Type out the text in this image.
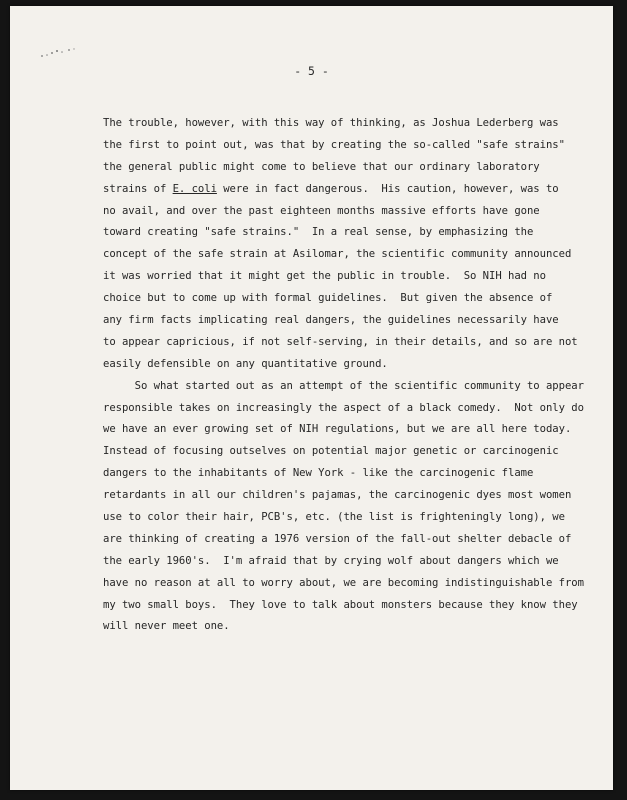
- 5 -
The trouble, however, with this way of thinking, as Joshua Lederberg was
the first to point out, was that by creating the so-called "safe strains"
the general public might come to believe that our ordinary laboratory
strains of E. coli were in fact dangerous.  His caution, however, was to
no avail, and over the past eighteen months massive efforts have gone
toward creating "safe strains."  In a real sense, by emphasizing the
concept of the safe strain at Asilomar, the scientific community announced
it was worried that it might get the public in trouble.  So NIH had no
choice but to come up with formal guidelines.  But given the absence of
any firm facts implicating real dangers, the guidelines necessarily have
to appear capricious, if not self-serving, in their details, and so are not
easily defensible on any quantitative ground.
So what started out as an attempt of the scientific community to appear
responsible takes on increasingly the aspect of a black comedy.  Not only do
we have an ever growing set of NIH regulations, but we are all here today.
Instead of focusing outselves on potential major genetic or carcinogenic
dangers to the inhabitants of New York - like the carcinogenic flame
retardants in all our children's pajamas, the carcinogenic dyes most women
use to color their hair, PCB's, etc. (the list is frighteningly long), we
are thinking of creating a 1976 version of the fall-out shelter debacle of
the early 1960's.  I'm afraid that by crying wolf about dangers which we
have no reason at all to worry about, we are becoming indistinguishable from
my two small boys.  They love to talk about monsters because they know they
will never meet one.
